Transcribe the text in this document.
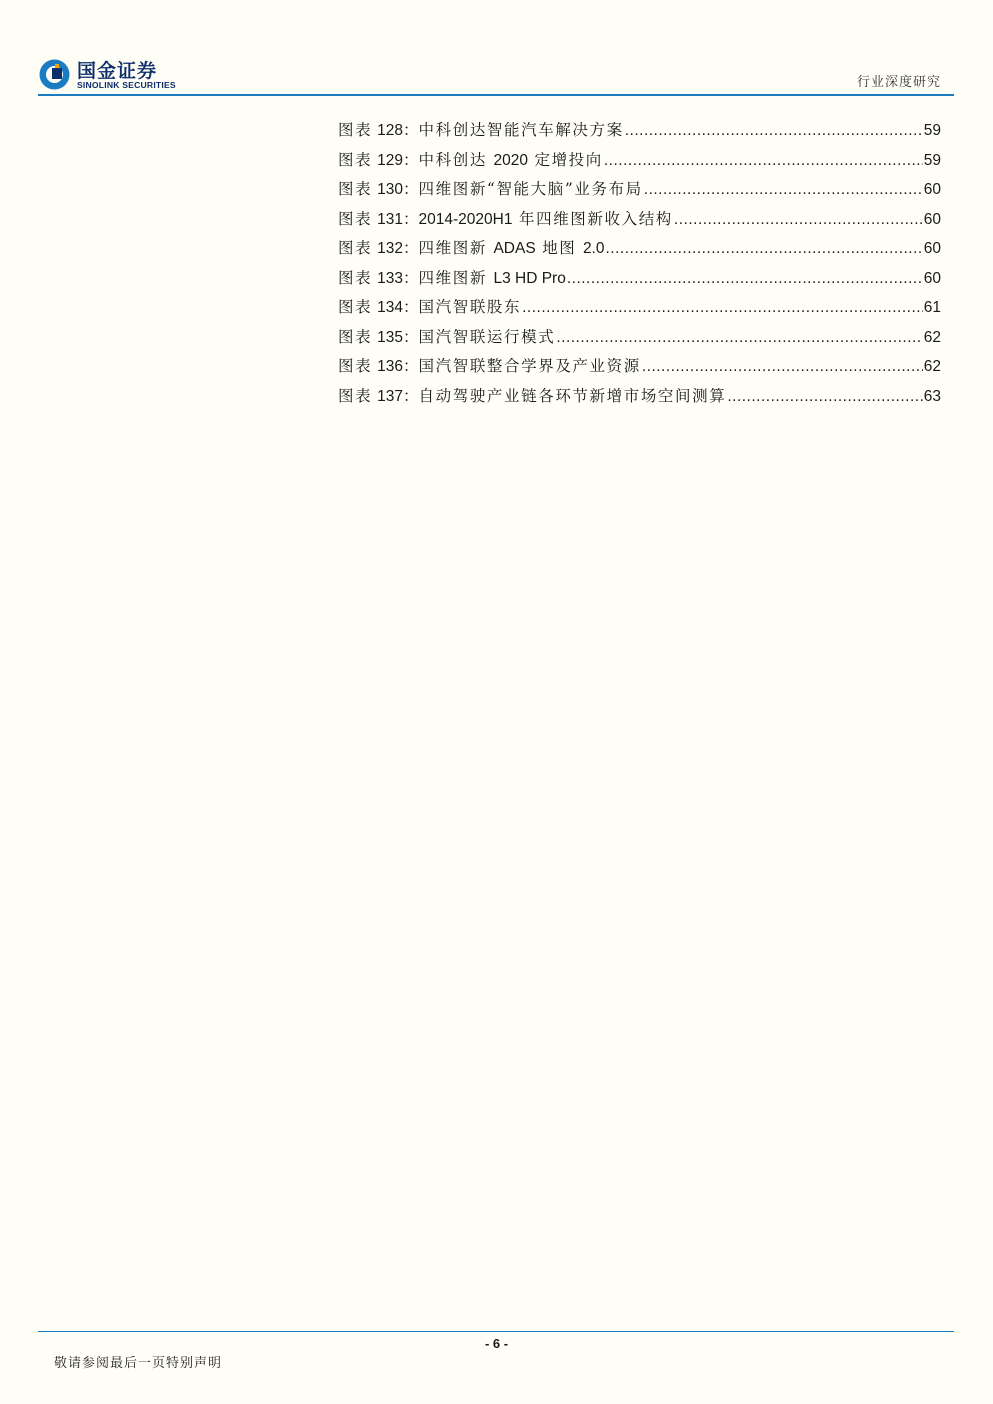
国金证券
SINOLINK SECURITIES	行业深度研究
图表
128： 中科创达智能汽车解决方案 .....	59
图表
129： 中科创达 2020 定增投向 .....	59
图表
130： 四维图新“智能大脑”业务布局 .....	60
图表
131： 2014-2020H1 年四维图新收入结构 .....	60
图表
132： 四维图新 ADAS 地图 2.0 .....	60
图表
133： 四维图新 L3 HD Pro .....	60
图表
134： 国汽智联股东 .....	61
图表
135： 国汽智联运行模式 .....	62
图表
136： 国汽智联整合学界及产业资源 .....	62
图表
137： 自动驾驶产业链各环节新增市场空间测算 .....	63
- 6 -
敬请参阅最后一页特别声明
